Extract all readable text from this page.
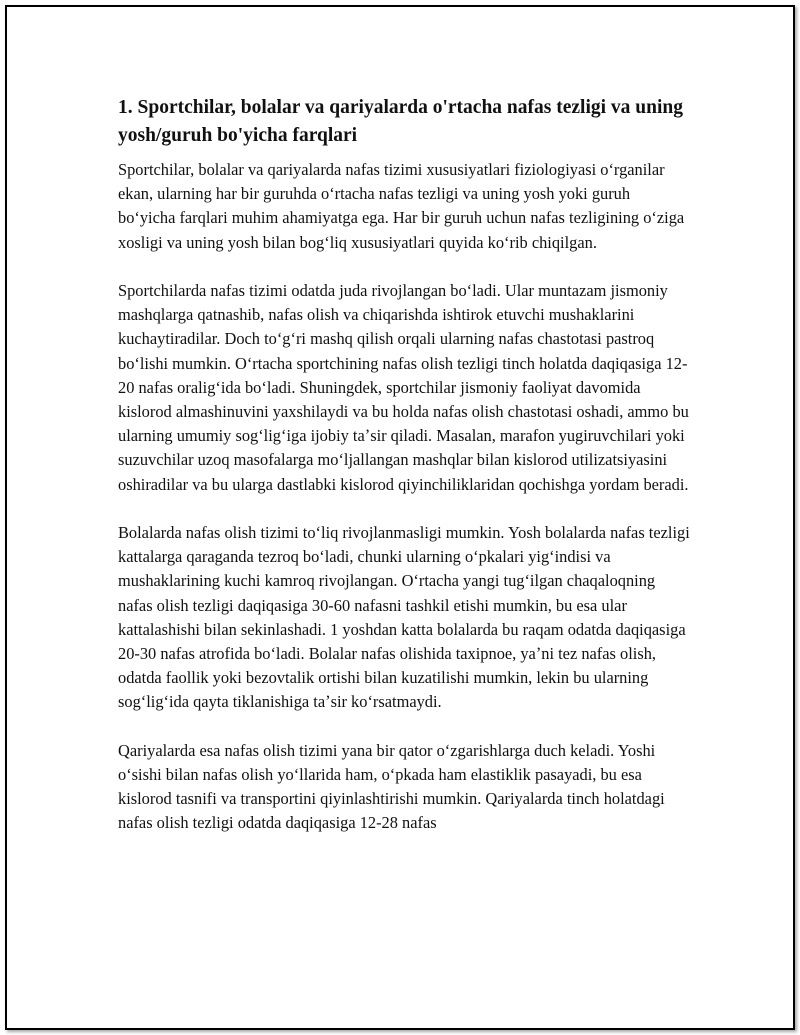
1. Sportchilar, bolalar va qariyalarda o'rtacha nafas tezligi va uning yosh/guruh bo'yicha farqlari

Sportchilar, bolalar va qariyalarda nafas tizimi xususiyatlari fiziologiyasi oʻrganilar ekan, ularning har bir guruhda oʻrtacha nafas tezligi va uning yosh yoki guruh boʻyicha farqlari muhim ahamiyatga ega. Har bir guruh uchun nafas tezligining oʻziga xosligi va uning yosh bilan bogʻliq xususiyatlari quyida koʻrib chiqilgan.

Sportchilarda nafas tizimi odatda juda rivojlangan boʻladi. Ular muntazam jismoniy mashqlarga qatnashib, nafas olish va chiqarishda ishtirok etuvchi mushaklarini kuchaytiradilar. Doch toʻgʻri mashq qilish orqali ularning nafas chastotasi pastroq boʻlishi mumkin. Oʻrtacha sportchining nafas olish tezligi tinch holatda daqiqasiga 12-20 nafas oraligʻida boʻladi. Shuningdek, sportchilar jismoniy faoliyat davomida kislorod almashinuvini yaxshilaydi va bu holda nafas olish chastotasi oshadi, ammo bu ularning umumiy sogʻligʻiga ijobiy taʼsir qiladi. Masalan, marafon yugiruvchilari yoki suzuvchilar uzoq masofalarga moʻljallangan mashqlar bilan kislorod utilizatsiyasini oshiradilar va bu ularga dastlabki kislorod qiyinchiliklaridan qochishga yordam beradi.

Bolalarda nafas olish tizimi toʻliq rivojlanmasligi mumkin. Yosh bolalarda nafas tezligi kattalarga qaraganda tezroq boʻladi, chunki ularning oʻpkalari yigʻindisi va mushaklarining kuchi kamroq rivojlangan. Oʻrtacha yangi tugʻilgan chaqaloqning nafas olish tezligi daqiqasiga 30-60 nafasni tashkil etishi mumkin, bu esa ular kattalashishi bilan sekinlashadi. 1 yoshdan katta bolalarda bu raqam odatda daqiqasiga 20-30 nafas atrofida boʻladi. Bolalar nafas olishida taxipnoe, yaʼni tez nafas olish, odatda faollik yoki bezovtalik ortishi bilan kuzatilishi mumkin, lekin bu ularning sogʻligʻida qayta tiklanishiga taʼsir koʻrsatmaydi.

Qariyalarda esa nafas olish tizimi yana bir qator oʻzgarishlarga duch keladi. Yoshi oʻsishi bilan nafas olish yoʻllarida ham, oʻpkada ham elastiklik pasayadi, bu esa kislorod tasnifi va transportini qiyinlashtirishi mumkin. Qariyalarda tinch holatdagi nafas olish tezligi odatda daqiqasiga 12-28 nafas
